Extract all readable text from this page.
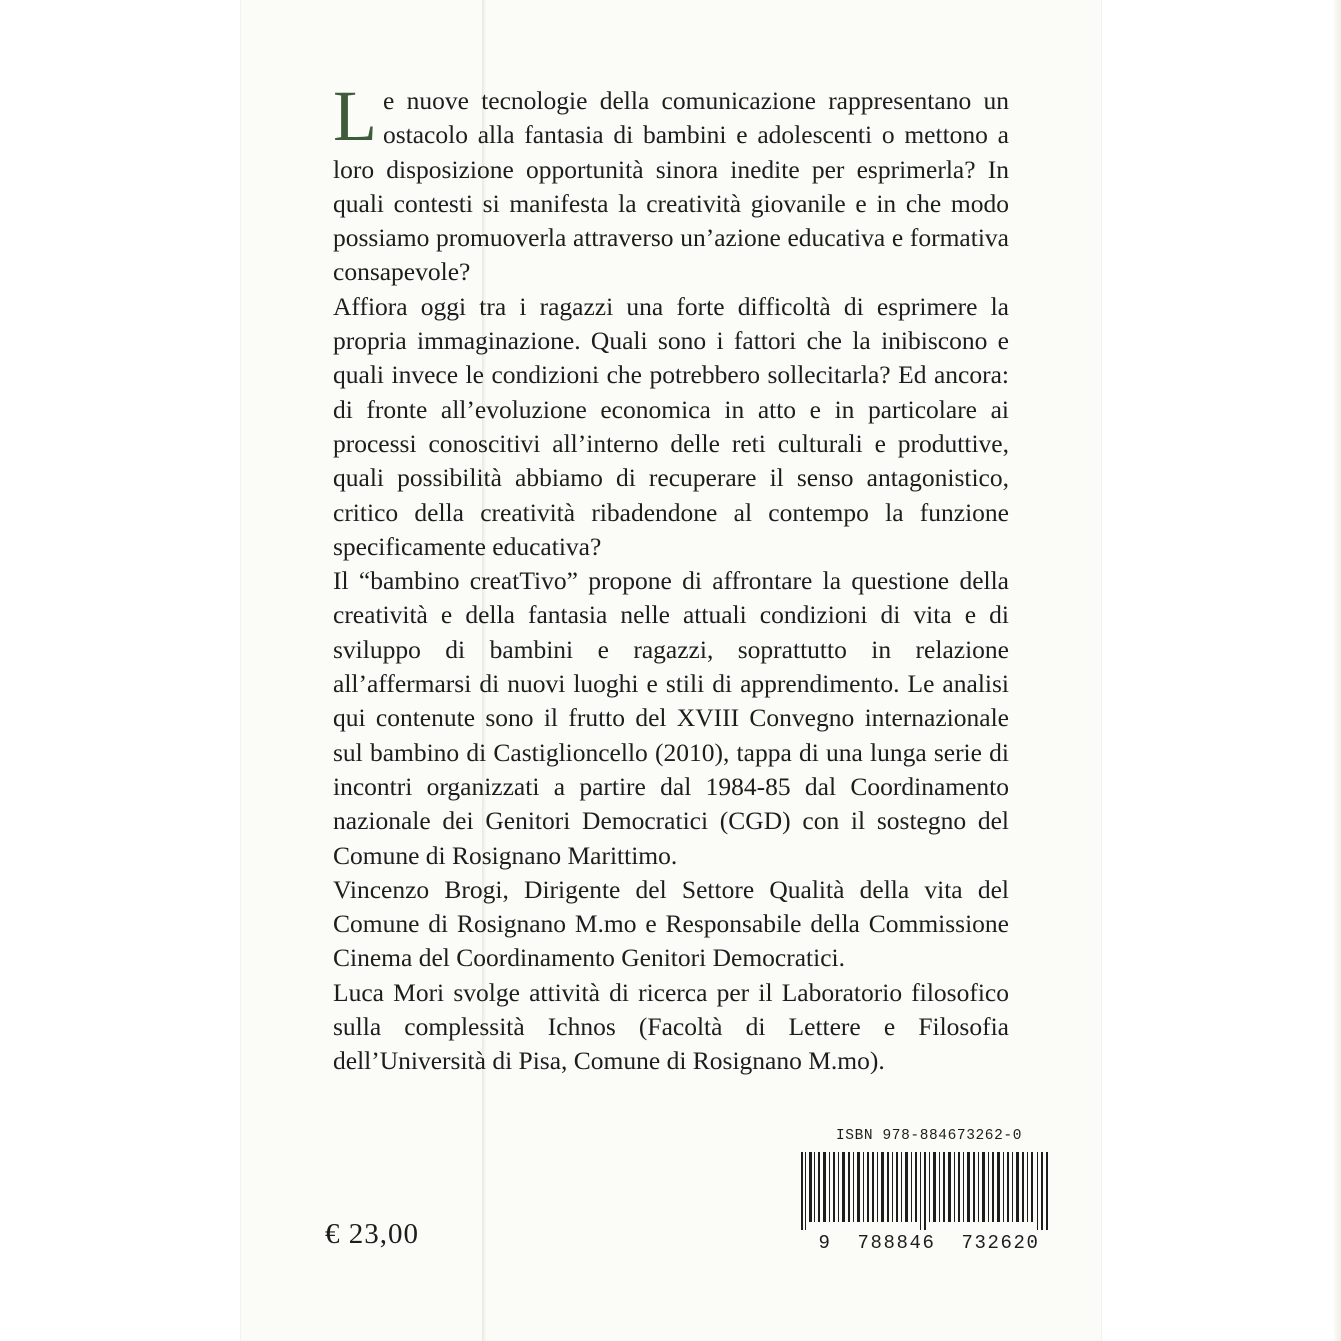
Le nuove tecnologie della comunicazione rappresentano un ostacolo alla fantasia di bambini e adolescenti o mettono a loro disposizione opportunità sinora inedite per esprimerla? In quali contesti si manifesta la creatività giovanile e in che modo possiamo promuoverla attraverso un’azione educativa e formativa consapevole?

Affiora oggi tra i ragazzi una forte difficoltà di esprimere la propria immaginazione. Quali sono i fattori che la inibiscono e quali invece le condizioni che potrebbero sollecitarla? Ed ancora: di fronte all’evoluzione economica in atto e in particolare ai processi conoscitivi all’interno delle reti culturali e produttive, quali possibilità abbiamo di recuperare il senso antagonistico, critico della creatività ribadendone al contempo la funzione specificamente educativa?

Il “bambino creatTivo” propone di affrontare la questione della creatività e della fantasia nelle attuali condizioni di vita e di sviluppo di bambini e ragazzi, soprattutto in relazione all’affermarsi di nuovi luoghi e stili di apprendimento. Le analisi qui contenute sono il frutto del XVIII Convegno internazionale sul bambino di Castiglioncello (2010), tappa di una lunga serie di incontri organizzati a partire dal 1984-85 dal Coordinamento nazionale dei Genitori Democratici (CGD) con il sostegno del Comune di Rosignano Marittimo.

Vincenzo Brogi, Dirigente del Settore Qualità della vita del Comune di Rosignano M.mo e Responsabile della Commissione Cinema del Coordinamento Genitori Democratici.

Luca Mori svolge attività di ricerca per il Laboratorio filosofico sulla complessità Ichnos (Facoltà di Lettere e Filosofia dell’Università di Pisa, Comune di Rosignano M.mo).

€ 23,00
ISBN 978-884673262-0
9  788846  732620
